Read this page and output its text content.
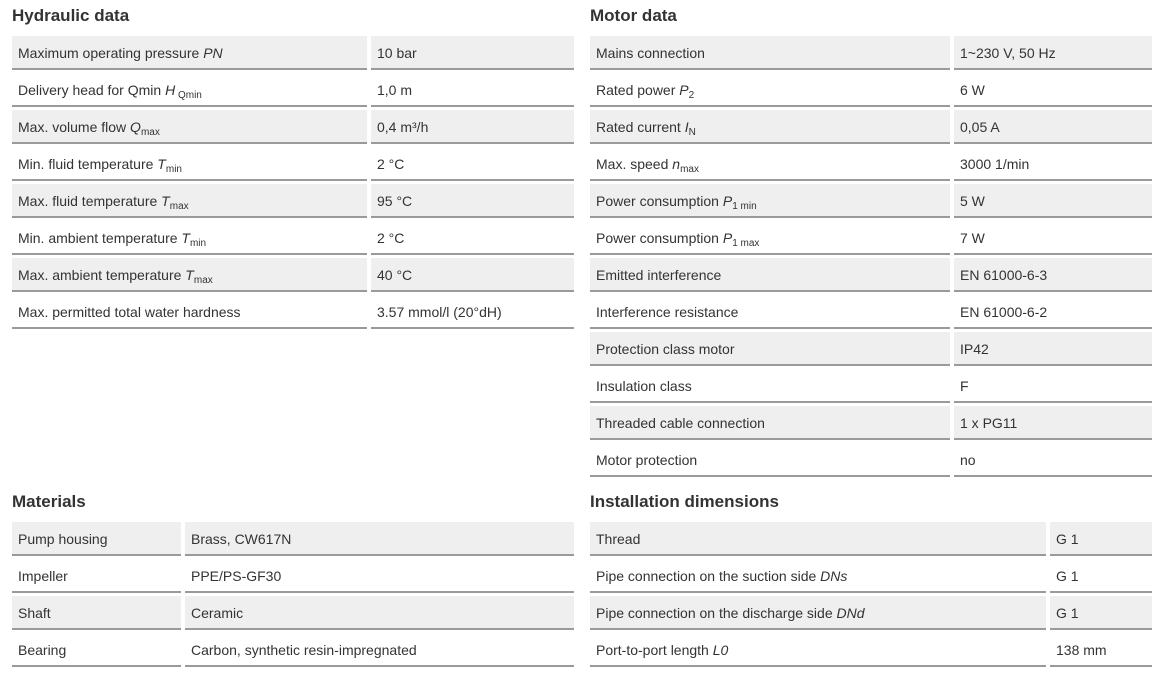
Hydraulic data
Maximum operating pressure PN	10 bar
Delivery head for Qmin H $_{Qmin}$	1,0 m
Max. volume flow $Q_{max}$	0,4 m³/h
Min. fluid temperature $T_{min}$	2 °C
Max. fluid temperature $T_{max}$	95 °C
Min. ambient temperature $T_{min}$	2 °C
Max. ambient temperature $T_{max}$	40 °C
Max. permitted total water hardness	3.57 mmol/l (20°dH)
Motor data
Mains connection	1~230 V, 50 Hz
Rated power $P_2$	6 W
Rated current $I_N$	0,05 A
Max. speed $n_{max}$	3000 1/min
Power consumption $P_{1 min}$	5 W
Power consumption $P_{1 max}$	7 W
Emitted interference	EN 61000-6-3
Interference resistance	EN 61000-6-2
Protection class motor	IP42
Insulation class	F
Threaded cable connection	1 x PG11
Motor protection	no
Materials
Pump housing	Brass, CW617N
Impeller	PPE/PS-GF30
Shaft	Ceramic
Bearing	Carbon, synthetic resin-impregnated
Installation dimensions
Thread	G 1
Pipe connection on the suction side DNs	G 1
Pipe connection on the discharge side DNd	G 1
Port-to-port length L0	138 mm
